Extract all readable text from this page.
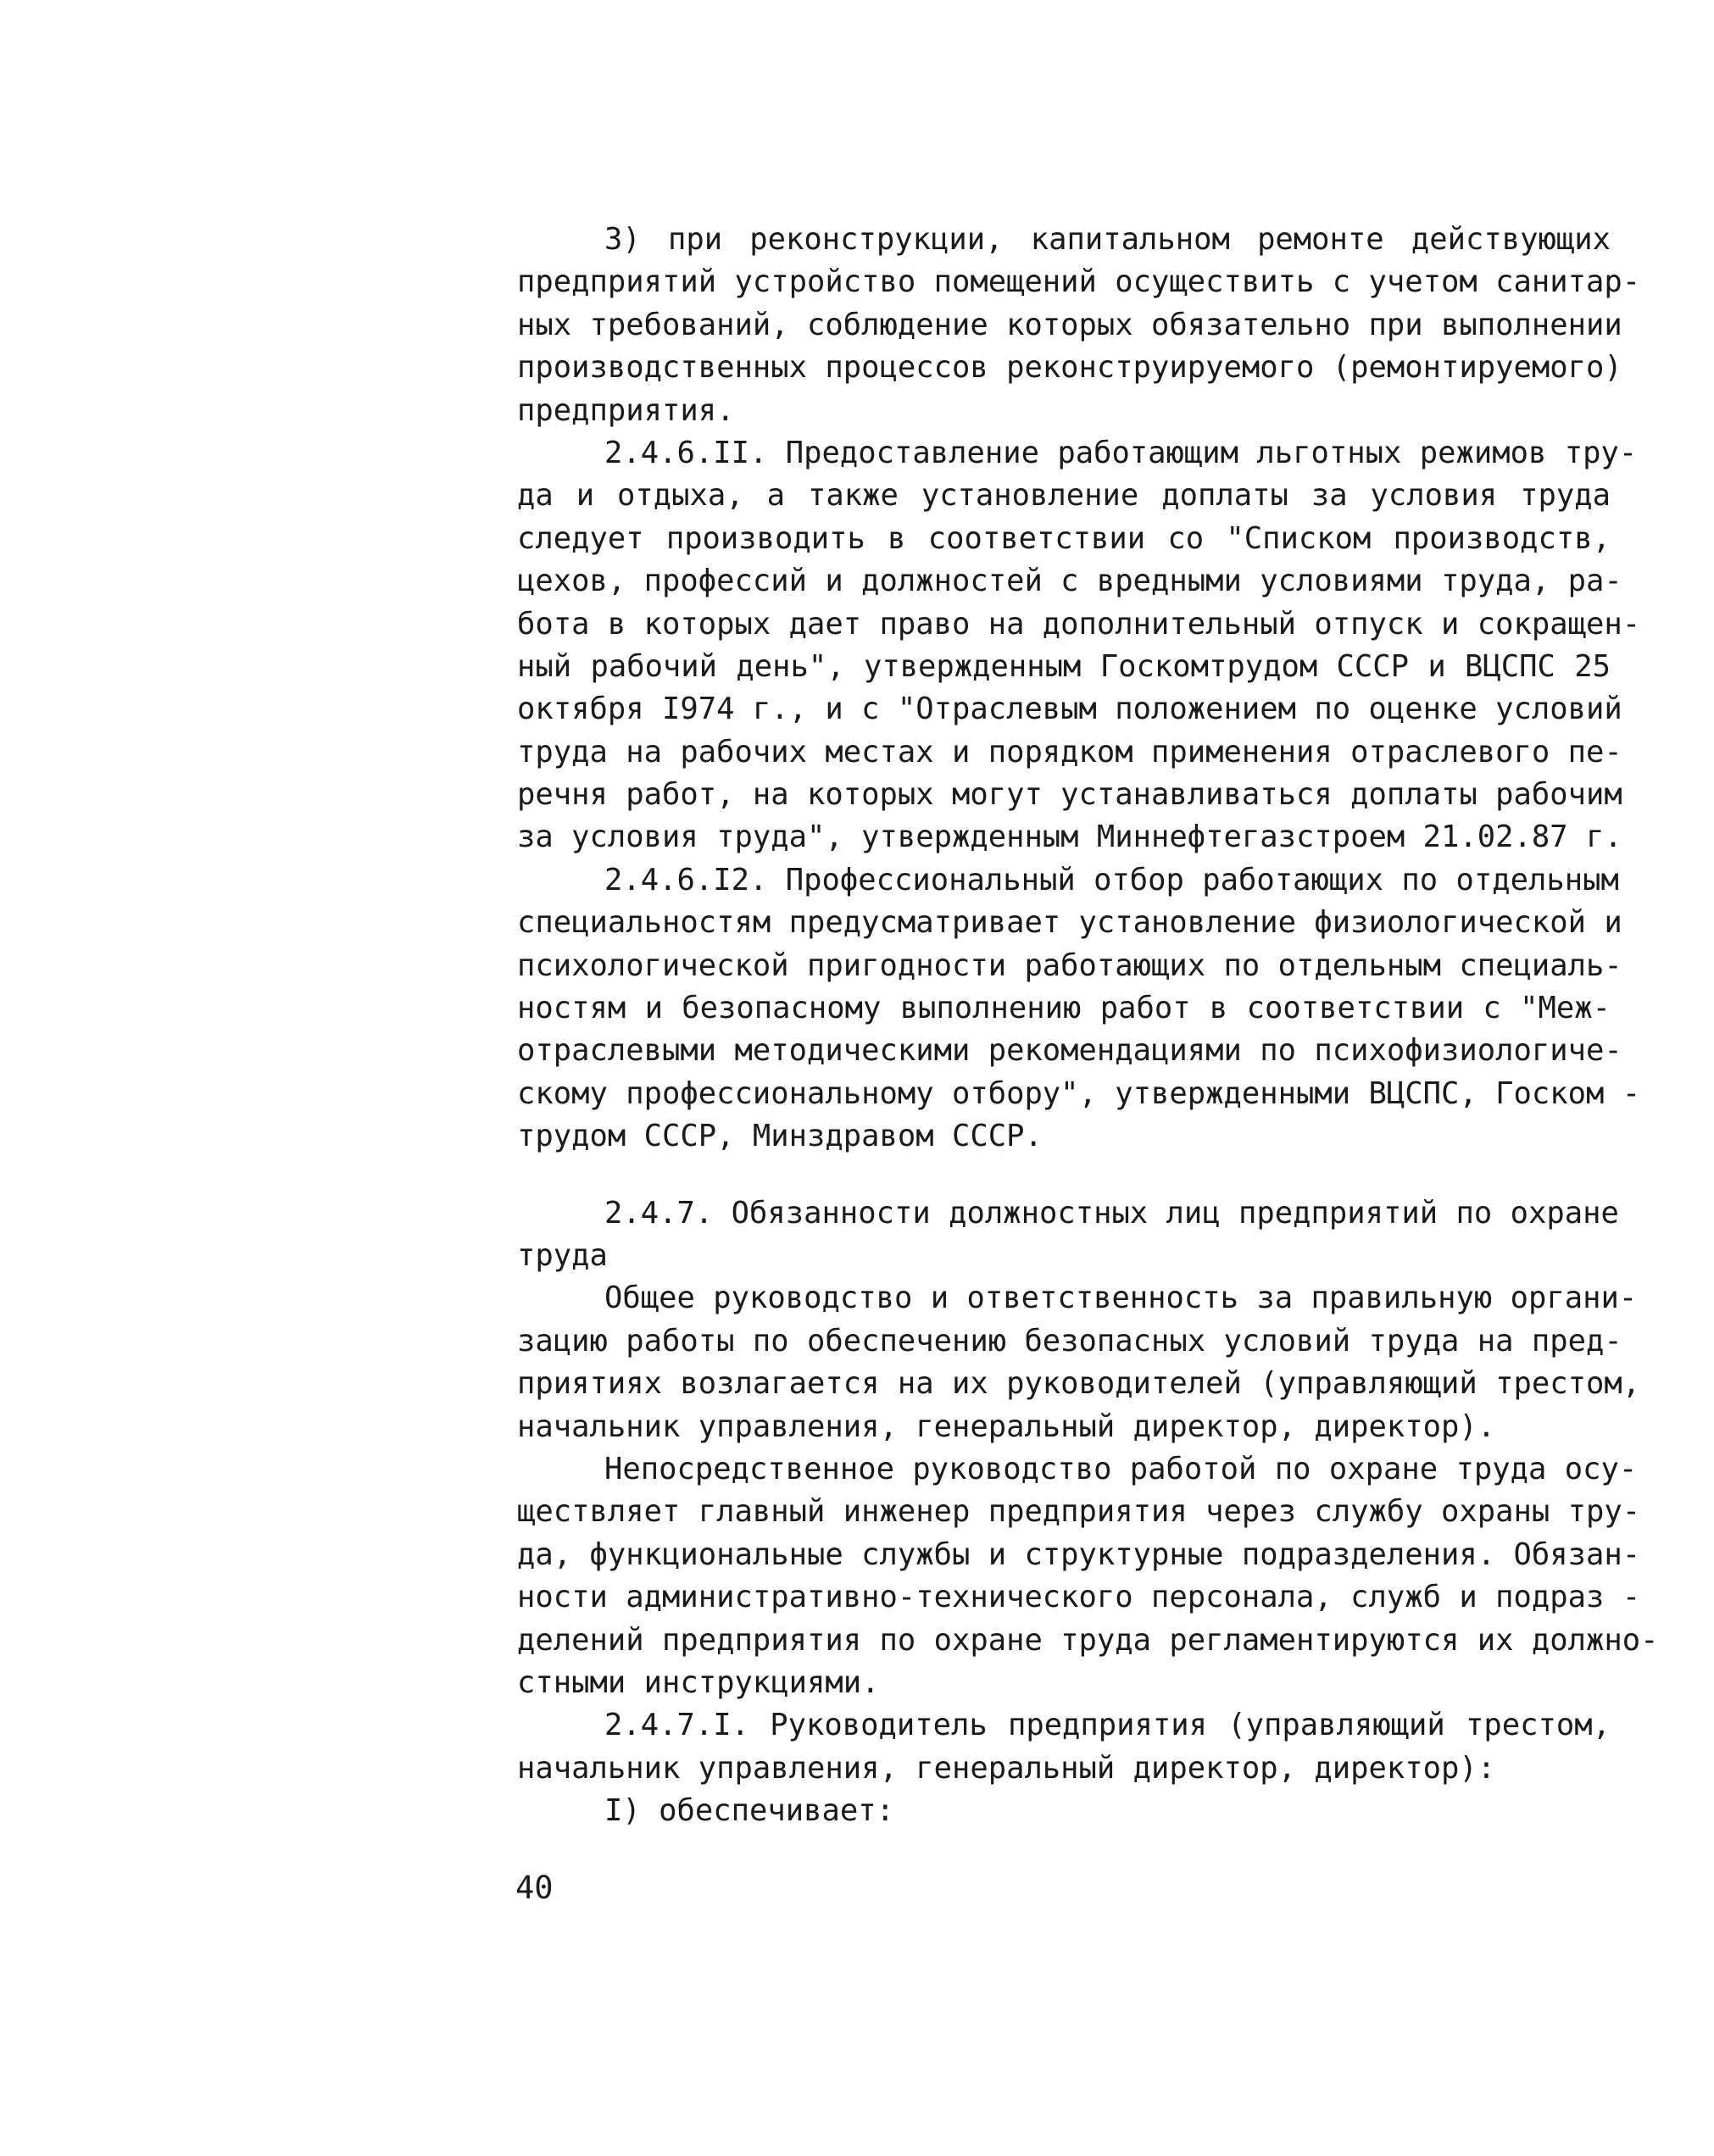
3) при реконструкции, капитальном ремонте действующих
предприятий устройство помещений осуществить с учетом санитар-
ных требований, соблюдение которых обязательно при выполнении
производственных процессов реконструируемого (ремонтируемого)
предприятия.
2.4.6.II. Предоставление работающим льготных режимов тру-
да и отдыха, а также установление доплаты за условия труда
следует производить в соответствии со "Списком производств,
цехов, профессий и должностей с вредными условиями труда, ра-
бота в которых дает право на дополнительный отпуск и сокращен-
ный рабочий день", утвержденным Госкомтрудом СССР и ВЦСПС 25
октября I974 г., и с "Отраслевым положением по оценке условий
труда на рабочих местах и порядком применения отраслевого пе-
речня работ, на которых могут устанавливаться доплаты рабочим
за условия труда", утвержденным Миннефтегазстроем 21.02.87 г.
2.4.6.I2. Профессиональный отбор работающих по отдельным
специальностям предусматривает установление физиологической и
психологической пригодности работающих по отдельным специаль-
ностям и безопасному выполнению работ в соответствии с "Меж-
отраслевыми методическими рекомендациями по психофизиологиче-
скому профессиональному отбору", утвержденными ВЦСПС, Госком -
трудом СССР, Минздравом СССР.
2.4.7. Обязанности должностных лиц предприятий по охране
труда
Общее руководство и ответственность за правильную органи-
зацию работы по обеспечению безопасных условий труда на пред-
приятиях возлагается на их руководителей (управляющий трестом,
начальник управления, генеральный директор, директор).
Непосредственное руководство работой по охране труда осу-
ществляет главный инженер предприятия через службу охраны тру-
да, функциональные службы и структурные подразделения. Обязан-
ности административно-технического персонала, служб и подраз -
делений предприятия по охране труда регламентируются их должно-
стными инструкциями.
2.4.7.I. Руководитель предприятия (управляющий трестом,
начальник управления, генеральный директор, директор):
I) обеспечивает:
40
